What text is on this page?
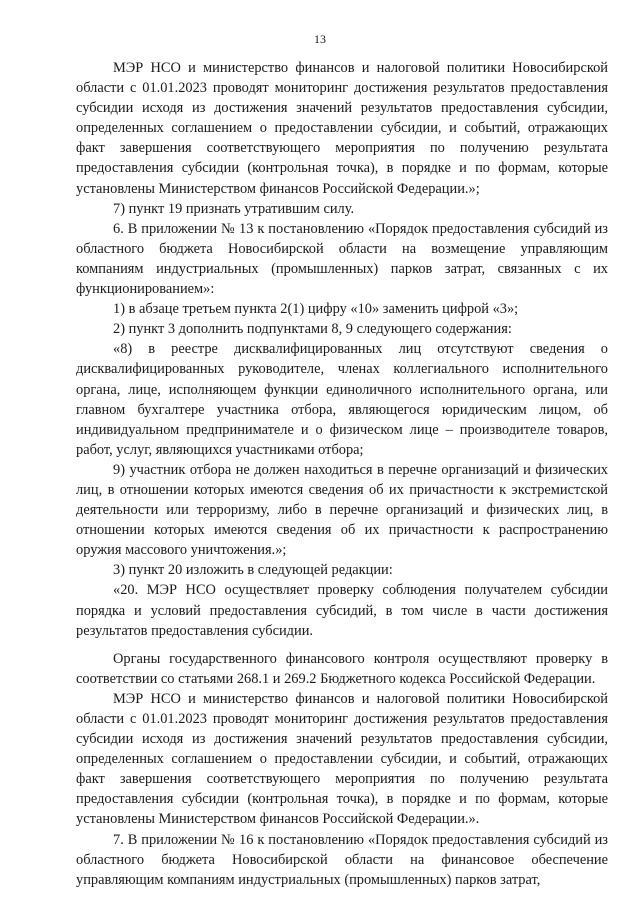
13

МЭР НСО и министерство финансов и налоговой политики Новосибирской области с 01.01.2023 проводят мониторинг достижения результатов предоставления субсидии исходя из достижения значений результатов предоставления субсидии, определенных соглашением о предоставлении субсидии, и событий, отражающих факт завершения соответствующего мероприятия по получению результата предоставления субсидии (контрольная точка), в порядке и по формам, которые установлены Министерством финансов Российской Федерации.»;

7) пункт 19 признать утратившим силу.

6. В приложении № 13 к постановлению «Порядок предоставления субсидий из областного бюджета Новосибирской области на возмещение управляющим компаниям индустриальных (промышленных) парков затрат, связанных с их функционированием»:

1) в абзаце третьем пункта 2(1) цифру «10» заменить цифрой «3»;

2) пункт 3 дополнить подпунктами 8, 9 следующего содержания:

«8) в реестре дисквалифицированных лиц отсутствуют сведения о дисквалифицированных руководителе, членах коллегиального исполнительного органа, лице, исполняющем функции единоличного исполнительного органа, или главном бухгалтере участника отбора, являющегося юридическим лицом, об индивидуальном предпринимателе и о физическом лице – производителе товаров, работ, услуг, являющихся участниками отбора;

9) участник отбора не должен находиться в перечне организаций и физических лиц, в отношении которых имеются сведения об их причастности к экстремистской деятельности или терроризму, либо в перечне организаций и физических лиц, в отношении которых имеются сведения об их причастности к распространению оружия массового уничтожения.»;

3) пункт 20 изложить в следующей редакции:

«20. МЭР НСО осуществляет проверку соблюдения получателем субсидии порядка и условий предоставления субсидий, в том числе в части достижения результатов предоставления субсидии.

Органы государственного финансового контроля осуществляют проверку в соответствии со статьями 268.1 и 269.2 Бюджетного кодекса Российской Федерации.

МЭР НСО и министерство финансов и налоговой политики Новосибирской области с 01.01.2023 проводят мониторинг достижения результатов предоставления субсидии исходя из достижения значений результатов предоставления субсидии, определенных соглашением о предоставлении субсидии, и событий, отражающих факт завершения соответствующего мероприятия по получению результата предоставления субсидии (контрольная точка), в порядке и по формам, которые установлены Министерством финансов Российской Федерации.».

7. В приложении № 16 к постановлению «Порядок предоставления субсидий из областного бюджета Новосибирской области на финансовое обеспечение управляющим компаниям индустриальных (промышленных) парков затрат,
